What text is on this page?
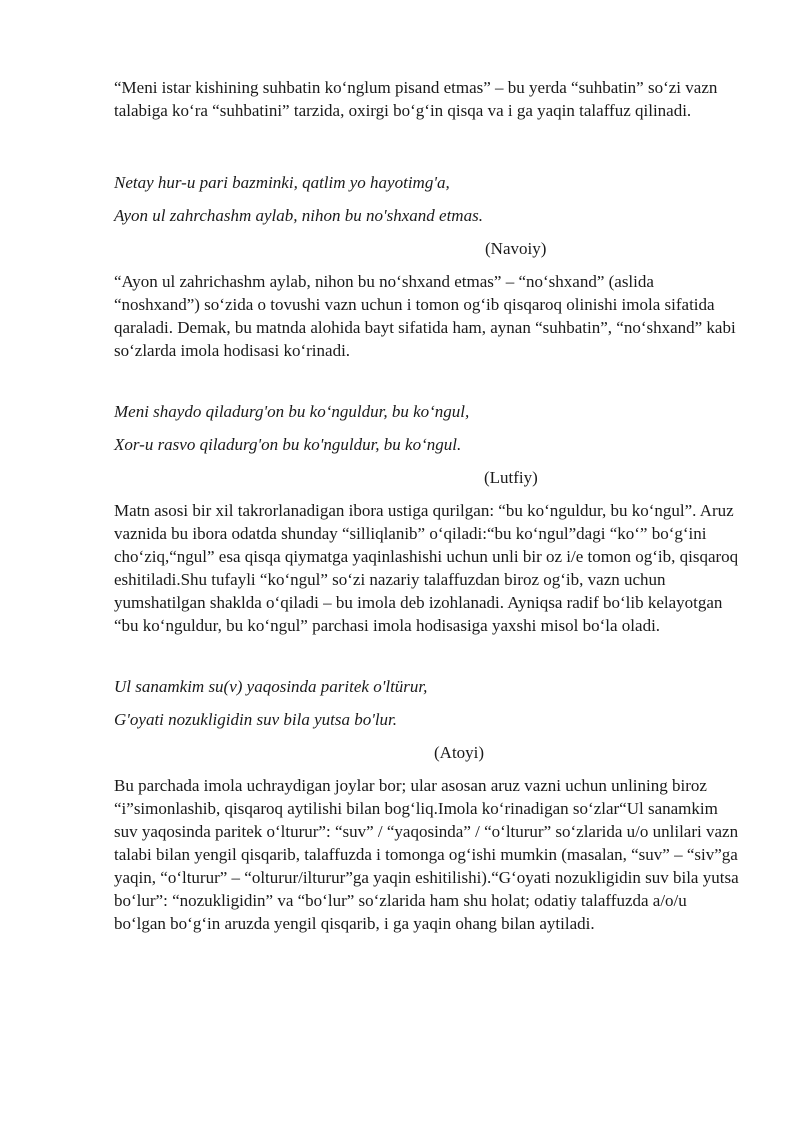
“Meni istar kishining suhbatin ko‘nglum pisand etmas” – bu yerda “suhbatin” so‘zi vazn talabiga ko‘ra “suhbatini” tarzida, oxirgi bo‘g‘in qisqa va i ga yaqin talaffuz qilinadi.

Netay hur-u pari bazminki, qatlim yo hayotimg'a,

Ayon ul zahrchashm aylab, nihon bu no'shxand etmas.

(Navoiy)

“Ayon ul zahrichashm aylab, nihon bu no‘shxand etmas” – “no‘shxand” (aslida “noshxand”) so‘zida o tovushi vazn uchun i tomon og‘ib qisqaroq olinishi imola sifatida qaraladi. Demak, bu matnda alohida bayt sifatida ham, aynan “suhbatin”, “no‘shxand” kabi so‘zlarda imola hodisasi ko‘rinadi.

Meni shaydo qiladurg'on bu ko‘nguldur, bu ko‘ngul,

Xor-u rasvo qiladurg'on bu ko'nguldur, bu ko‘ngul.

(Lutfiy)

Matn asosi bir xil takrorlanadigan ibora ustiga qurilgan: “bu ko‘nguldur, bu ko‘ngul”. Aruz vaznida bu ibora odatda shunday “silliqlanib” o‘qiladi:“bu ko‘ngul”dagi “ko‘” bo‘g‘ini cho‘ziq,“ngul” esa qisqa qiymatga yaqinlashishi uchun unli bir oz i/e tomon og‘ib, qisqaroq eshitiladi.Shu tufayli “ko‘ngul” so‘zi nazariy talaffuzdan biroz og‘ib, vazn uchun yumshatilgan shaklda o‘qiladi – bu imola deb izohlanadi. Ayniqsa radif bo‘lib kelayotgan “bu ko‘nguldur, bu ko‘ngul” parchasi imola hodisasiga yaxshi misol bo‘la oladi.

Ul sanamkim su(v) yaqosinda paritek o'ltürur,

G'oyati nozukligidin suv bila yutsa bo'lur.

(Atoyi)

Bu parchada imola uchraydigan joylar bor; ular asosan aruz vazni uchun unlining biroz “i”simonlashib, qisqaroq aytilishi bilan bog‘liq.Imola ko‘rinadigan so‘zlar“Ul sanamkim suv yaqosinda paritek o‘lturur”: “suv” / “yaqosinda” / “o‘lturur” so‘zlarida u/o unlilari vazn talabi bilan yengil qisqarib, talaffuzda i tomonga og‘ishi mumkin (masalan, “suv” – “siv”ga yaqin, “o‘lturur” – “olturur/ilturur”ga yaqin eshitilishi).“G‘oyati nozukligidin suv bila yutsa bo‘lur”: “nozukligidin” va “bo‘lur” so‘zlarida ham shu holat; odatiy talaffuzda a/o/u bo‘lgan bo‘g‘in aruzda yengil qisqarib, i ga yaqin ohang bilan aytiladi.
